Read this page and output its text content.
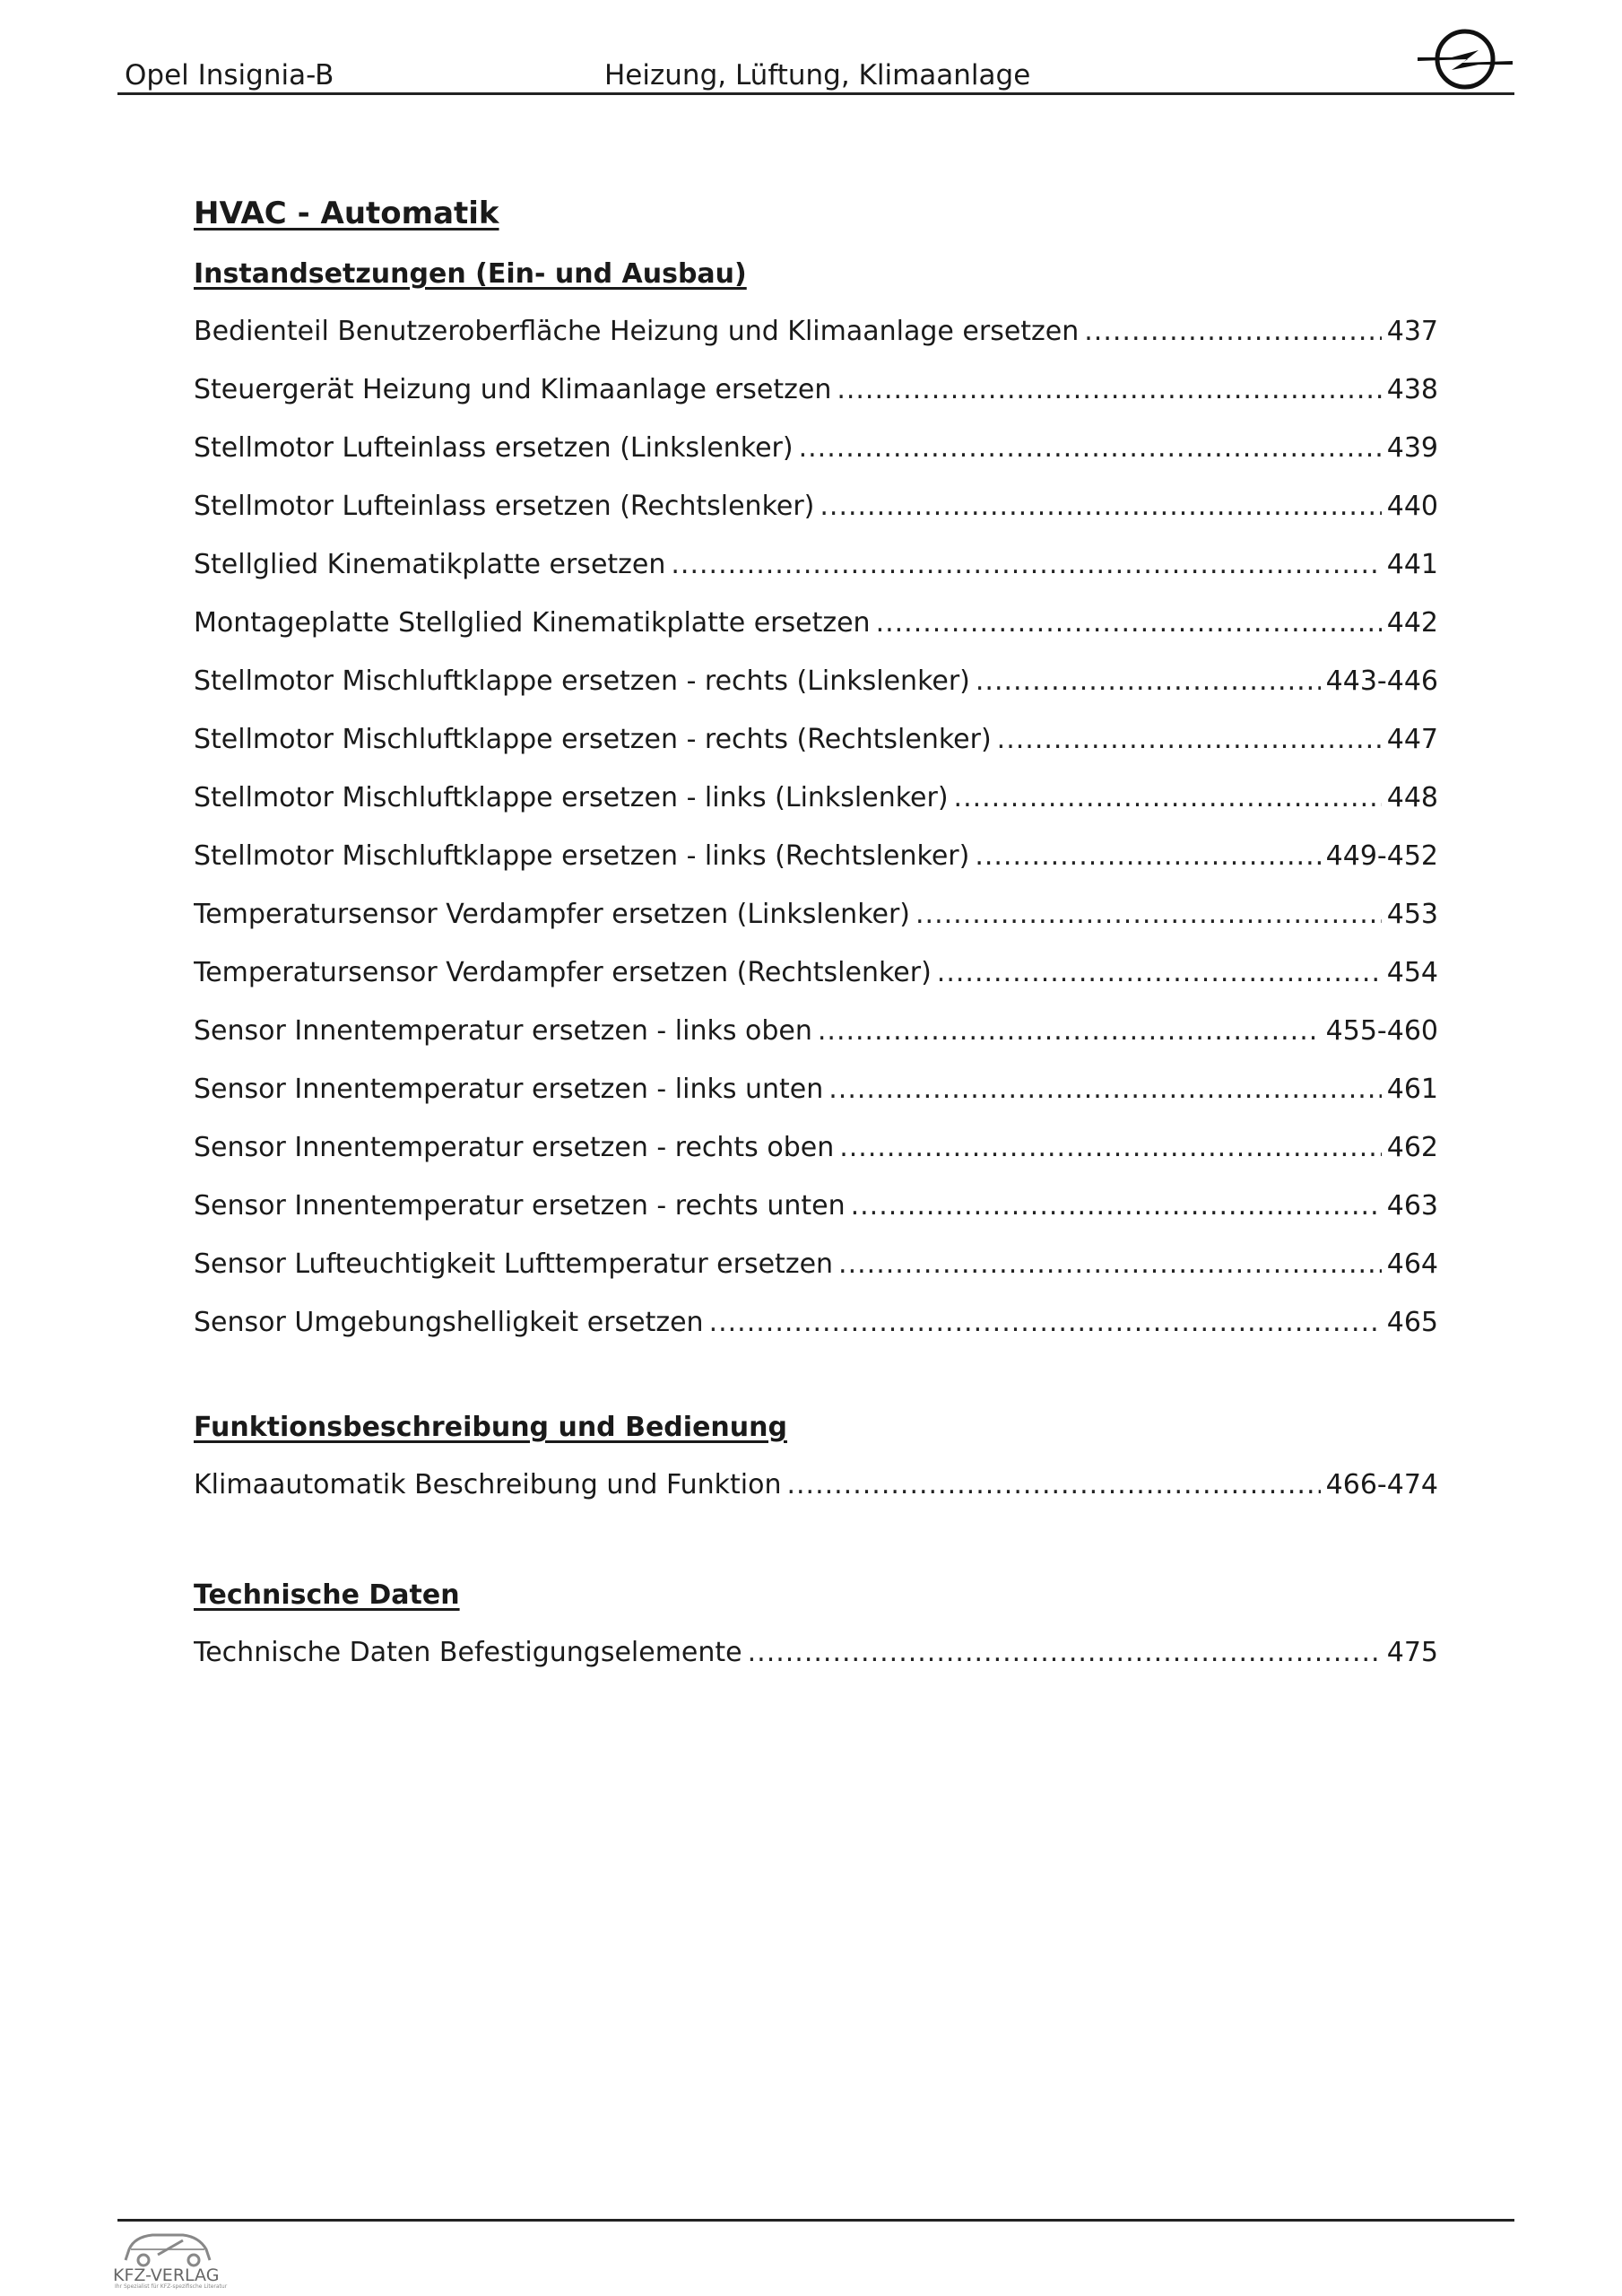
Opel Insignia-B	Heizung, Lüftung, Klimaanlage
HVAC - Automatik
Instandsetzungen (Ein- und Ausbau)
Bedienteil Benutzeroberfläche Heizung und Klimaanlage ersetzen .....	437
Steuergerät Heizung und Klimaanlage ersetzen .....	438
Stellmotor Lufteinlass ersetzen (Linkslenker) .....	439
Stellmotor Lufteinlass ersetzen (Rechtslenker) .....	440
Stellglied Kinematikplatte ersetzen .....	441
Montageplatte Stellglied Kinematikplatte ersetzen .....	442
Stellmotor Mischluftklappe ersetzen - rechts (Linkslenker) .....	443-446
Stellmotor Mischluftklappe ersetzen - rechts (Rechtslenker) .....	447
Stellmotor Mischluftklappe ersetzen - links (Linkslenker) .....	448
Stellmotor Mischluftklappe ersetzen - links (Rechtslenker) .....	449-452
Temperatursensor Verdampfer ersetzen (Linkslenker) .....	453
Temperatursensor Verdampfer ersetzen (Rechtslenker) .....	454
Sensor Innentemperatur ersetzen - links oben .....	455-460
Sensor Innentemperatur ersetzen - links unten .....	461
Sensor Innentemperatur ersetzen - rechts oben .....	462
Sensor Innentemperatur ersetzen - rechts unten .....	463
Sensor Lufteuchtigkeit Lufttemperatur ersetzen .....	464
Sensor Umgebungshelligkeit ersetzen .....	465
Funktionsbeschreibung und Bedienung
Klimaautomatik Beschreibung und Funktion .....	466-474
Technische Daten
Technische Daten Befestigungselemente .....	475
KFZ-VERLAG
Ihr Spezialist für KFZ-spezifische Literatur
